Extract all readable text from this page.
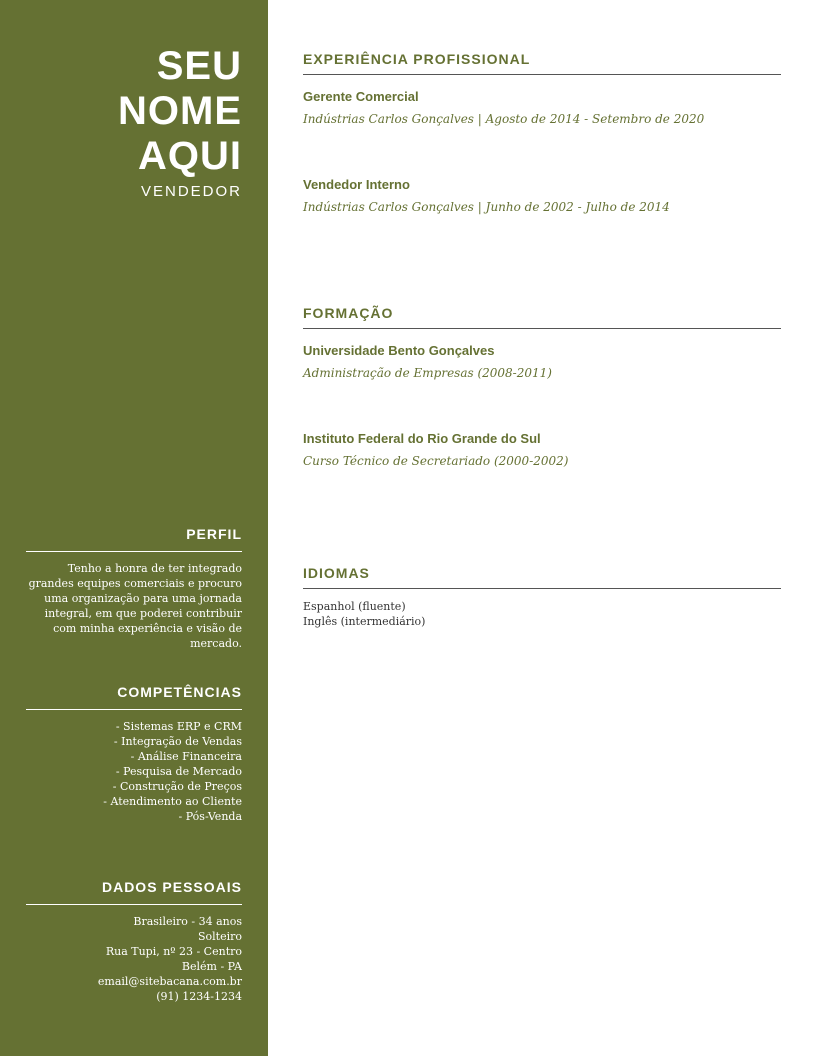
SEU
NOME
AQUI
VENDEDOR
PERFIL

Tenho a honra de ter integrado grandes equipes comerciais e procuro uma organização para uma jornada integral, em que poderei contribuir com minha experiência e visão de mercado.

COMPETÊNCIAS
- Sistemas ERP e CRM
- Integração de Vendas
- Análise Financeira
- Pesquisa de Mercado
- Construção de Preços
- Atendimento ao Cliente
- Pós-Venda
DADOS PESSOAIS
Brasileiro - 34 anos
Solteiro
Rua Tupi, nº 23 - Centro
Belém - PA
email@sitebacana.com.br
(91) 1234-1234
EXPERIÊNCIA PROFISSIONAL
Gerente Comercial
Indústrias Carlos Gonçalves | Agosto de 2014 - Setembro de 2020
Vendedor Interno
Indústrias Carlos Gonçalves | Junho de 2002 - Julho de 2014
FORMAÇÃO
Universidade Bento Gonçalves
Administração de Empresas (2008-2011)
Instituto Federal do Rio Grande do Sul
Curso Técnico de Secretariado (2000-2002)
IDIOMAS
Espanhol (fluente)
Inglês (intermediário)
